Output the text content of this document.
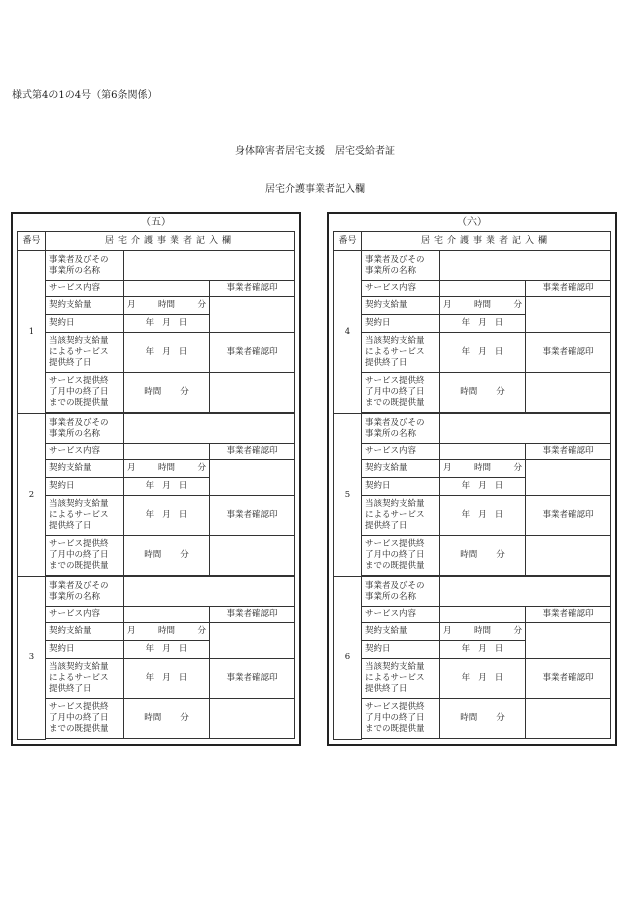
様式第4の1の4号（第6条関係）
身体障害者居宅支援　居宅受給者証
居宅介護事業者記入欄
（五）
番号	居宅介護事業者記入欄		
1	事業者及びその
事業所の名称		

	サービス内容		事業者確認印

契約支給量	月 時間 分	

契約日	年 月 日	

	当該契約支給量
によるサービス
提供終了日	年 月 日	事業者確認印

	サービス提供終
了月中の終了日
までの既提供量	時間 分	

2	事業者及びその
事業所の名称		

	サービス内容		事業者確認印

契約支給量	月 時間 分	

契約日	年 月 日	

	当該契約支給量
によるサービス
提供終了日	年 月 日	事業者確認印

	サービス提供終
了月中の終了日
までの既提供量	時間 分	

3	事業者及びその
事業所の名称		

	サービス内容		事業者確認印

契約支給量	月 時間 分	

契約日	年 月 日	

	当該契約支給量
によるサービス
提供終了日	年 月 日	事業者確認印

	サービス提供終
了月中の終了日
までの既提供量	時間 分	

（六）
番号	居宅介護事業者記入欄		
4	事業者及びその
事業所の名称		

	サービス内容		事業者確認印

契約支給量	月 時間 分	

契約日	年 月 日	

	当該契約支給量
によるサービス
提供終了日	年 月 日	事業者確認印

	サービス提供終
了月中の終了日
までの既提供量	時間 分	

5	事業者及びその
事業所の名称		

	サービス内容		事業者確認印

契約支給量	月 時間 分	

契約日	年 月 日	

	当該契約支給量
によるサービス
提供終了日	年 月 日	事業者確認印

	サービス提供終
了月中の終了日
までの既提供量	時間 分	

6	事業者及びその
事業所の名称		

	サービス内容		事業者確認印

契約支給量	月 時間 分	

契約日	年 月 日	

	当該契約支給量
によるサービス
提供終了日	年 月 日	事業者確認印

	サービス提供終
了月中の終了日
までの既提供量	時間 分	
